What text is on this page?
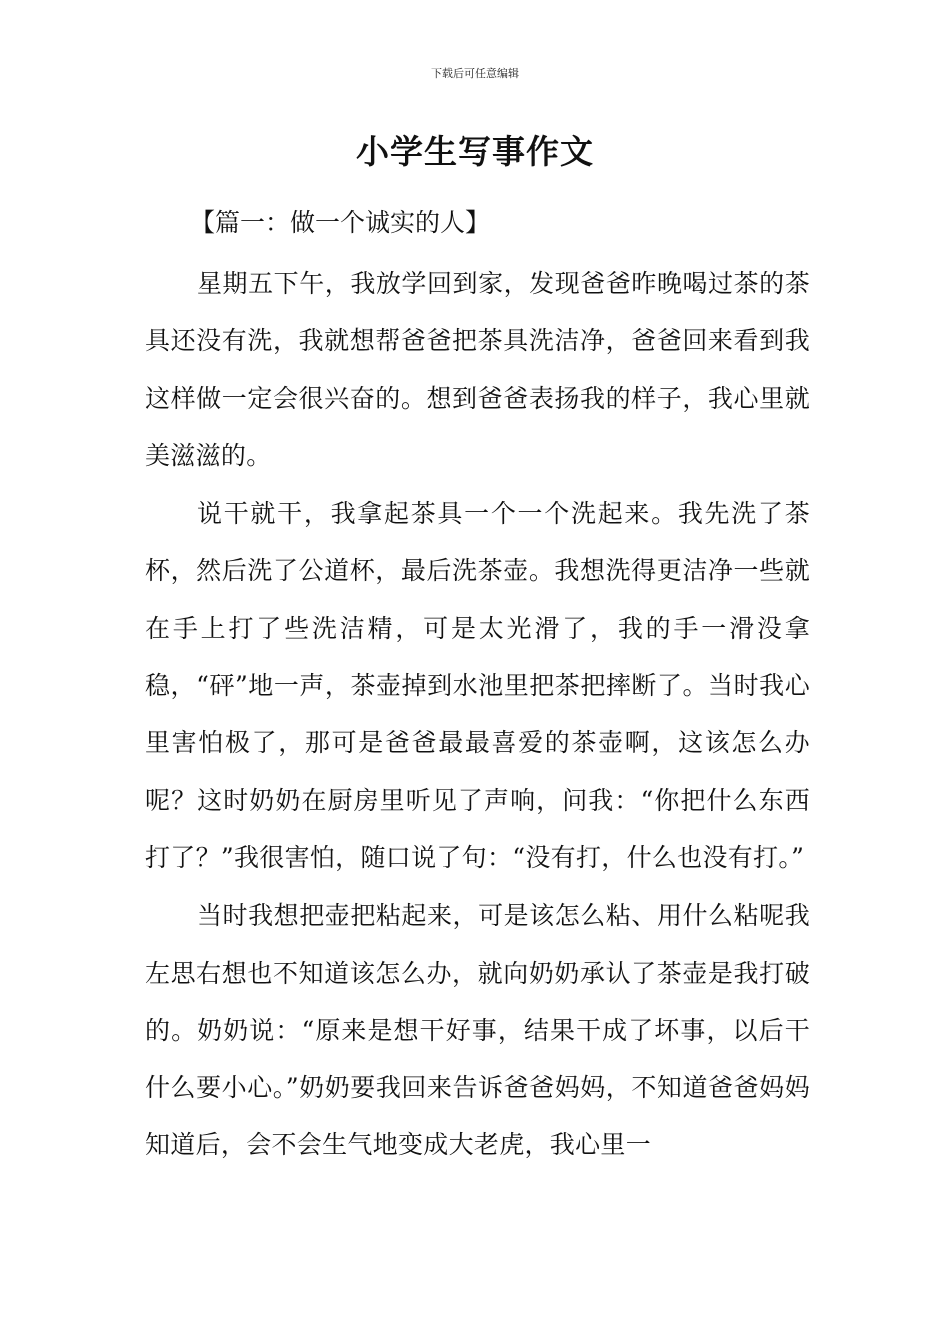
下载后可任意编辑
小学生写事作文
【篇一：做一个诚实的人】

星期五下午，我放学回到家，发现爸爸昨晚喝过茶的茶具还没有洗，我就想帮爸爸把茶具洗洁净，爸爸回来看到我这样做一定会很兴奋的。想到爸爸表扬我的样子，我心里就美滋滋的。

说干就干，我拿起茶具一个一个洗起来。我先洗了茶杯，然后洗了公道杯，最后洗茶壶。我想洗得更洁净一些就在手上打了些洗洁精，可是太光滑了，我的手一滑没拿稳，“砰”地一声，茶壶掉到水池里把茶把摔断了。当时我心里害怕极了，那可是爸爸最最喜爱的茶壶啊，这该怎么办呢？这时奶奶在厨房里听见了声响，问我：“你把什么东西打了？”我很害怕，随口说了句：“没有打，什么也没有打。”

当时我想把壶把粘起来，可是该怎么粘、用什么粘呢我左思右想也不知道该怎么办，就向奶奶承认了茶壶是我打破的。奶奶说：“原来是想干好事，结果干成了坏事，以后干什么要小心。”奶奶要我回来告诉爸爸妈妈，不知道爸爸妈妈知道后，会不会生气地变成大老虎，我心里一
